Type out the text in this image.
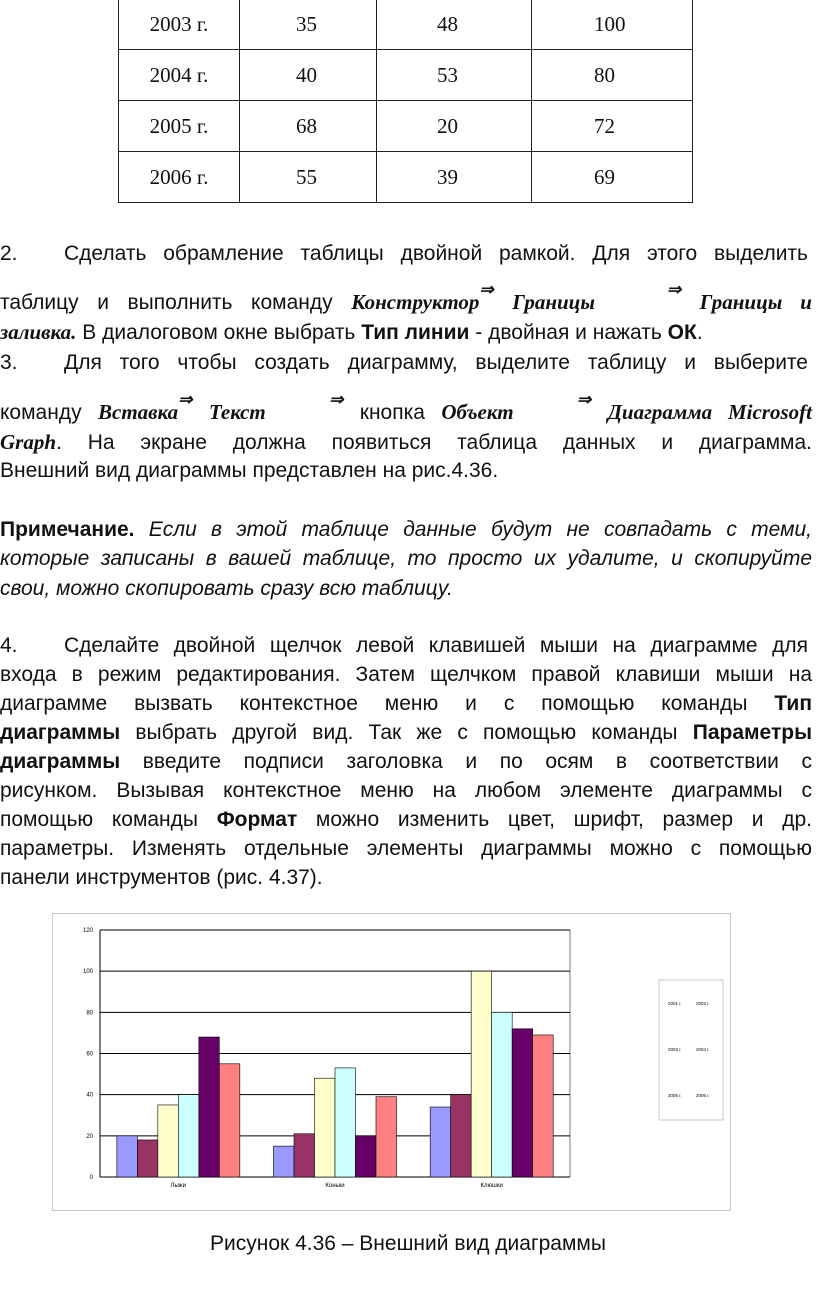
2003 г.	35	48	100
2004 г.	40	53	80
2005 г.	68	20	72
2006 г.	55	39	69
2. Сделать обрамление таблицы двойной рамкой. Для этого выделить
таблицу и выполнить команду Конструктор⇒ Границы    ⇒ Границы и
заливка. В диалоговом окне выбрать Тип линии - двойная и нажать ОК.
3. Для того чтобы создать диаграмму, выделите таблицу и выберите
команду Вставка⇒ Текст    ⇒ кнопка Объект    ⇒ Диаграмма Microsoft
Graph. На экране должна появиться таблица данных и диаграмма.
Внешний вид диаграммы представлен на рис.4.36.
Примечание. Если в этой таблице данные будут не совпадать с теми,
которые записаны в вашей таблице, то просто их удалите, и скопируйте
свои, можно скопировать сразу всю таблицу.
4. Сделайте двойной щелчок левой клавишей мыши на диаграмме для
входа в режим редактирования. Затем щелчком правой клавиши мыши на
диаграмме вызвать контекстное меню и с помощью команды Тип
диаграммы выбрать другой вид. Так же с помощью команды Параметры
диаграммы введите подписи заголовка и по осям в соответствии с
рисунком. Вызывая контекстное меню на любом элементе диаграммы с
помощью команды Формат можно изменить цвет, шрифт, размер и др.
параметры. Изменять отдельные элементы диаграммы можно с помощью
панели инструментов (рис. 4.37).
0
20
40
60
80
100
120
Лыжи	Коньки	Клюшки
2001 г.	2002 г.
2003 г.	2004 г.
2005 г.	2006 г.
Рисунок 4.36 – Внешний вид диаграммы
